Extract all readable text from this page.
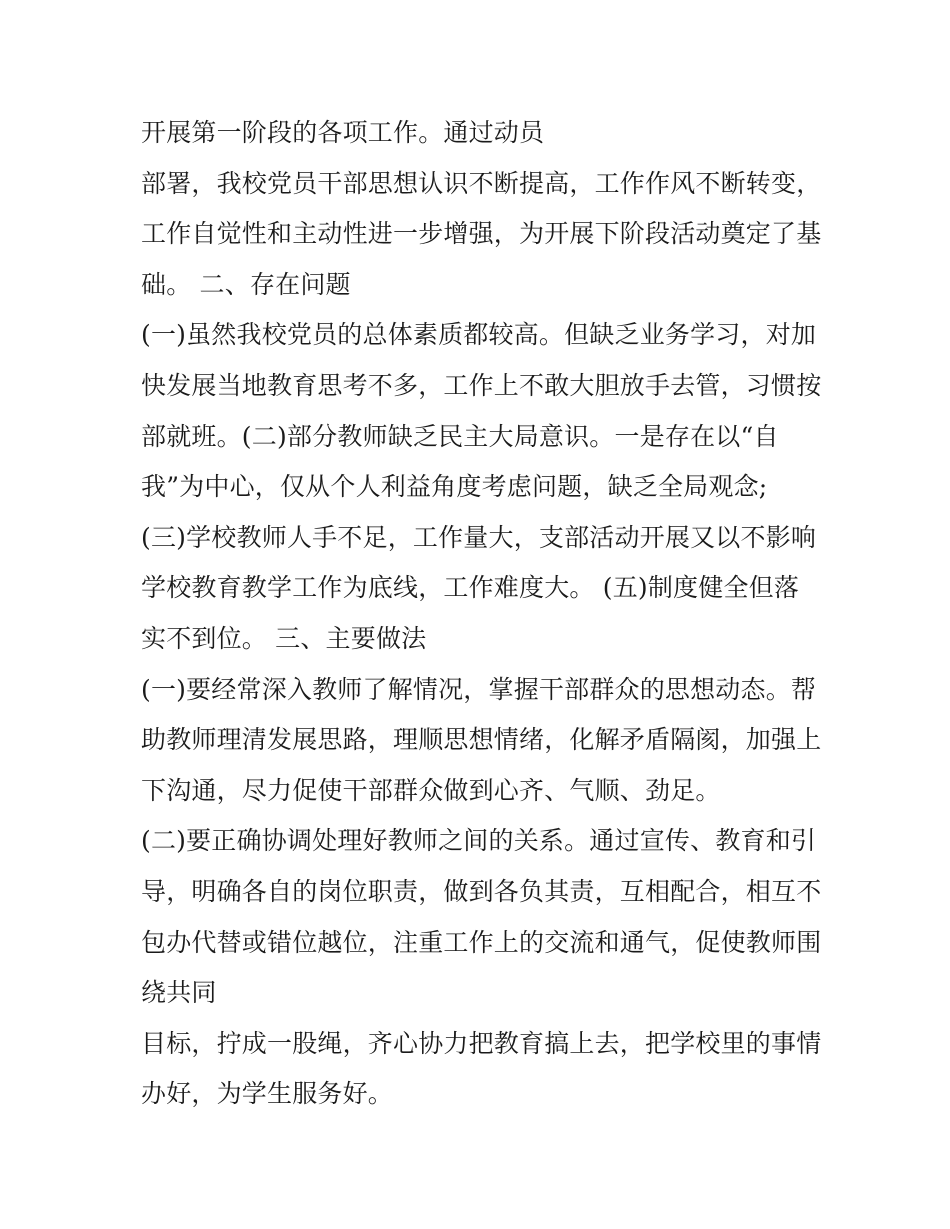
开展第一阶段的各项工作。通过动员
部署，我校党员干部思想认识不断提高，工作作风不断转变，
工作自觉性和主动性进一步增强，为开展下阶段活动奠定了基
础。 二、存在问题
(一)虽然我校党员的总体素质都较高。但缺乏业务学习，对加
快发展当地教育思考不多，工作上不敢大胆放手去管，习惯按
部就班。(二)部分教师缺乏民主大局意识。一是存在以“自
我”为中心，仅从个人利益角度考虑问题，缺乏全局观念;
(三)学校教师人手不足，工作量大，支部活动开展又以不影响
学校教育教学工作为底线，工作难度大。 (五)制度健全但落
实不到位。 三、主要做法
(一)要经常深入教师了解情况，掌握干部群众的思想动态。帮
助教师理清发展思路，理顺思想情绪，化解矛盾隔阂，加强上
下沟通，尽力促使干部群众做到心齐、气顺、劲足。
(二)要正确协调处理好教师之间的关系。通过宣传、教育和引
导，明确各自的岗位职责，做到各负其责，互相配合，相互不
包办代替或错位越位，注重工作上的交流和通气，促使教师围
绕共同
目标，拧成一股绳，齐心协力把教育搞上去，把学校里的事情
办好，为学生服务好。
